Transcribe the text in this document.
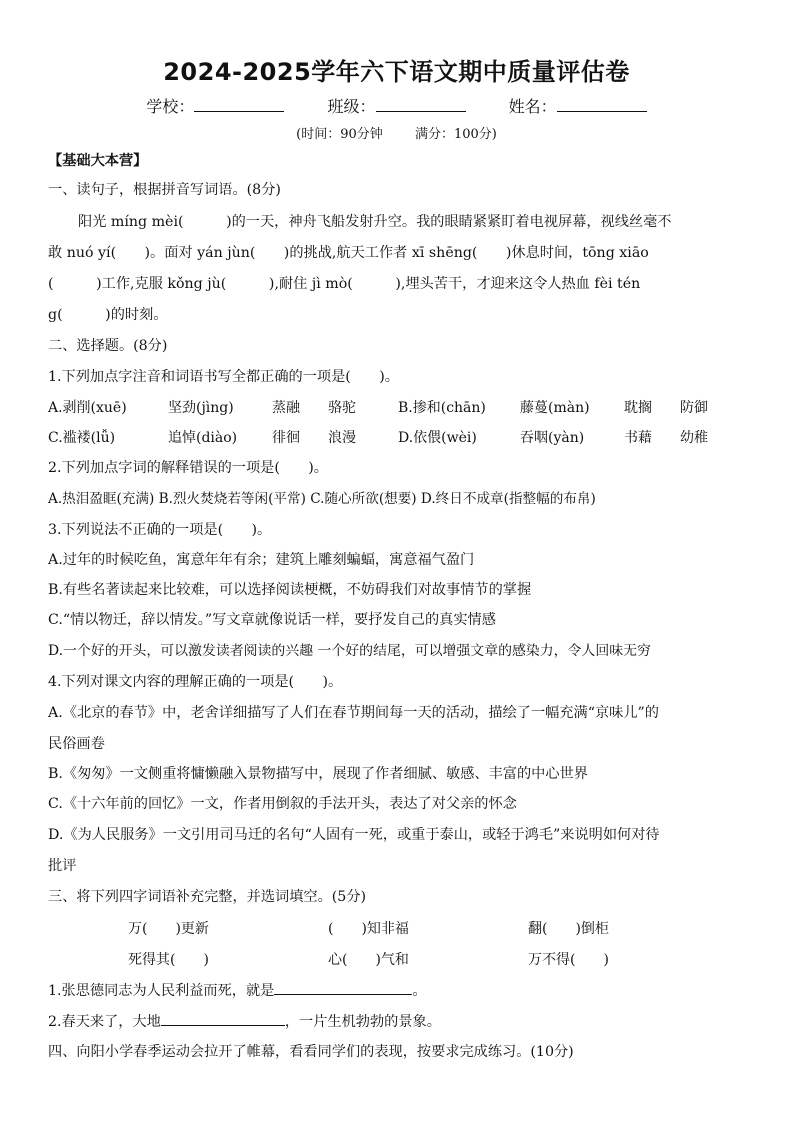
2024-2025学年六下语文期中质量评估卷
学校：	班级：	姓名：
(时间：90分钟 满分：100分)
【基础大本营】
一、读句子，根据拼音写词语。(8分)
阳光 míng mèi(　　　)的一天，神舟飞船发射升空。我的眼睛紧紧盯着电视屏幕，视线丝毫不
敢 nuó yí(　　)。面对 yán jùn(　　)的挑战,航天工作者 xī shēng(　　)休息时间，tōng xiāo
(　　　)工作,克服 kǒng jù(　　　),耐住 jì mò(　　　),埋头苦干，才迎来这令人热血 fèi tén
g(　　　)的时刻。
二、选择题。(8分)
1.下列加点字注音和词语书写全都正确的一项是(　　)。
A.剥削(xuē)	坚劲(jìng)	蒸融 骆驼	B.掺和(chān) 藤蔓(màn) 耽搁 防御
C.褴褛(lǚ)	追悼(diào) 徘徊 浪漫	D.依偎(wèi)	吞咽(yàn)	书藉 幼稚
2.下列加点字词的解释错误的一项是(　　)。
A.热泪盈眶(充满) B.烈火焚烧若等闲(平常) C.随心所欲(想要) D.终日不成章(指整幅的布帛)
3.下列说法不正确的一项是(　　)。
A.过年的时候吃鱼，寓意年年有余；建筑上雕刻蝙蝠，寓意福气盈门
B.有些名著读起来比较难，可以选择阅读梗概，不妨碍我们对故事情节的掌握
C.“情以物迁，辞以情发。”写文章就像说话一样，要抒发自己的真实情感
D.一个好的开头，可以激发读者阅读的兴趣 一个好的结尾，可以增强文章的感染力，令人回味无穷
4.下列对课文内容的理解正确的一项是(　　)。
A.《北京的春节》中，老舍详细描写了人们在春节期间每一天的活动，描绘了一幅充满“京味儿”的
民俗画卷
B.《匆匆》一文侧重将慵懒融入景物描写中，展现了作者细腻、敏感、丰富的中心世界
C.《十六年前的回忆》一文，作者用倒叙的手法开头，表达了对父亲的怀念
D.《为人民服务》一文引用司马迁的名句“人固有一死，或重于泰山，或轻于鸿毛”来说明如何对待
批评
三、将下列四字词语补充完整，并选词填空。(5分)
万(　　)更新	(　　)知非福	翻(　　)倒柜
死得其(　　)	心(　　)气和	万不得(　　)
1.张思德同志为人民利益而死，就是	。
2.春天来了，大地	，一片生机勃勃的景象。
四、向阳小学春季运动会拉开了帷幕，看看同学们的表现，按要求完成练习。(10分)
